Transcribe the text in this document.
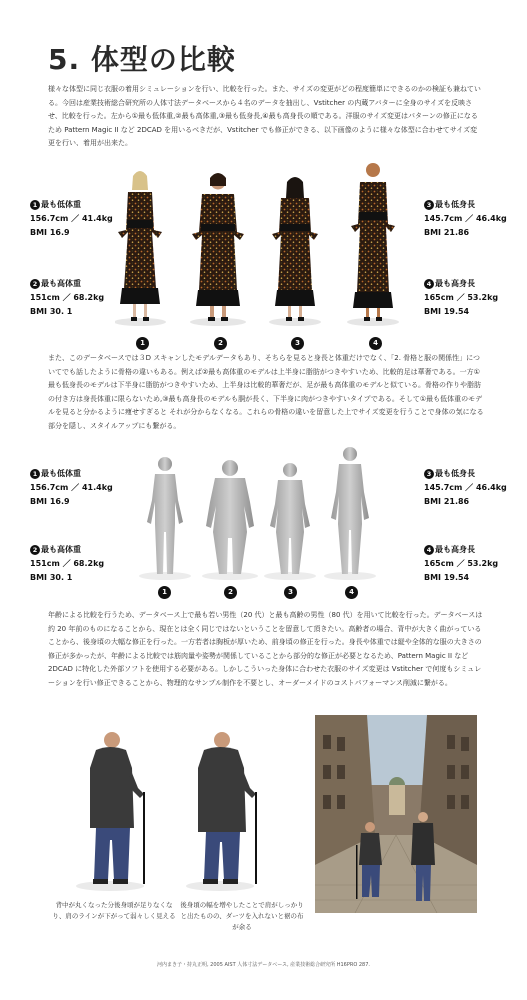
5. 体型の比較

様々な体型に同じ衣服の着用シミュレーションを行い、比較を行った。また、サイズの変更がどの程度簡単にできるのかの検証も兼ねている。今回は産業技術総合研究所の人体寸法データベースから４名のデータを抽出し、Vstitcher の内蔵アバターに全身のサイズを反映させ、比較を行った。左から①最も低体重,②最も高体重,③最も低身長,④最も高身長の順である。洋服のサイズ変更はパターンの修正になるため Pattern Magic II など 2DCAD を用いるべきだが、Vstitcher でも修正ができる、以下画像のように様々な体型に合わせてサイズ変更を行い、着用が出来た。

1 最も低体重
156.7cm ／ 41.4kg
BMI 16.9
2 最も高体重
151cm ／ 68.2kg
BMI 30. 1
3 最も低身長
145.7cm ／ 46.4kg
BMI 21.86
4 最も高身長
165cm ／ 53.2kg
BMI 19.54
1	2	3	4

また、このデータベースでは３D スキャンしたモデルデータもあり、そちらを見ると身長と体重だけでなく、「2. 骨格と服の関係性」についてでも話したように骨格の違いもある。例えば②最も高体重のモデルは上半身に脂肪がつきやすいため、比較的足は華奢である。一方①最も低身長のモデルは下半身に脂肪がつきやすいため、上半身は比較的華奢だが、足が最も高体重のモデルと似ている。骨格の作りや脂肪の付き方は身長体重に限らないため,③最も高身長のモデルも胴が長く、下半身に肉がつきやすいタイプである。そして①最も低体重のモデルを見ると分かるように痩せすぎると それが分からなくなる。これらの骨格の違いを留意した上でサイズ変更を行うことで身体の気になる部分を隠し、スタイルアップにも繋がる。

1 最も低体重
156.7cm ／ 41.4kg
BMI 16.9
2 最も高体重
151cm ／ 68.2kg
BMI 30. 1
3 最も低身長
145.7cm ／ 46.4kg
BMI 21.86
4 最も高身長
165cm ／ 53.2kg
BMI 19.54
1	2	3	4

年齢による比較を行うため、データベース上で最も若い男性（20 代）と最も高齢の男性（80 代）を用いて比較を行った。データベースは約 20 年前のものになることから、現在とは全く同じではないということを留意して頂きたい。高齢者の場合、背中が大きく曲がっていることから、後身頃の大幅な修正を行った。一方若者は胸板が厚いため、前身頃の修正を行った。身長や体重では縦や全体的な服の大きさの修正が多かったが、年齢による比較では筋肉量や姿勢が関係していることから部分的な修正が必要となるため、Pattern Magic II など 2DCAD に特化した外部ソフトを使用する必要がある。しかしこういった身体に合わせた衣服のサイズ変更は Vstitcher で何度もシミュレーションを行い修正できることから、物理的なサンプル制作を不要とし、オーダーメイドのコストパフォーマンス削減に繋がる。

背中が丸くなった分後身頃が足りなくなり、肩のラインが下がって弱々しく見える
後身頃の幅を増やしたことで肩がしっかりと出たものの、ダーツを入れないと裾の布が余る
河内まき子・持丸正明, 2005 AIST 人体寸法データベース, 産業技術総合研究所 H16PRO 287.
